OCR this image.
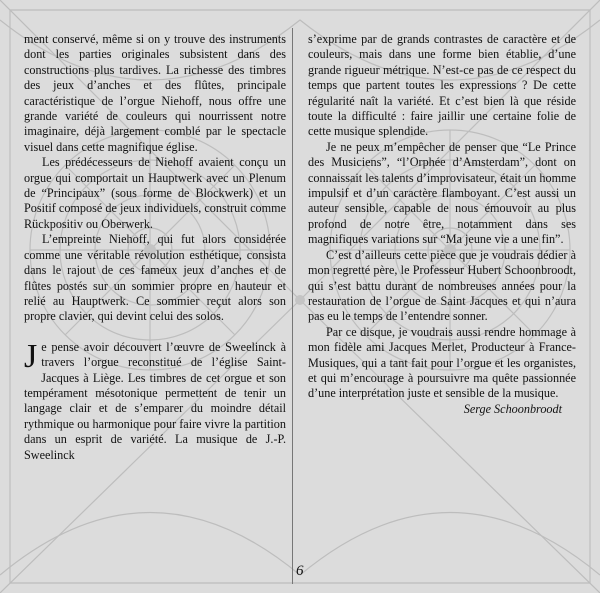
ment conservé, même si on y trouve des instruments dont les parties originales subsistent dans des constructions plus tardives. La richesse des timbres des jeux d’anches et des flûtes, principale caractéristique de l’orgue Niehoff, nous offre une grande variété de couleurs qui nourrissent notre imaginaire, déjà largement comblé par le spectacle visuel dans cette magnifique église.

Les prédécesseurs de Niehoff avaient conçu un orgue qui comportait un Hauptwerk avec un Plenum de “Principaux” (sous forme de Blockwerk) et un Positif composé de jeux individuels, construit comme Rückpositiv ou Oberwerk.

L’empreinte Niehoff, qui fut alors considérée comme une véritable révolution esthétique, consista dans le rajout de ces fameux jeux d’anches et de flûtes postés sur un sommier propre en hauteur et relié au Hauptwerk. Ce sommier reçut alors son propre clavier, qui devint celui des solos.

Je pense avoir découvert l’œuvre de Sweelinck à travers l’orgue reconstitué de l’église Saint-Jacques à Liège. Les timbres de cet orgue et son tempérament mésotonique permettent de tenir un langage clair et de s’emparer du moindre détail rythmique ou harmonique pour faire vivre la partition dans un esprit de variété. La musique de J.-P. Sweelinck

s’exprime par de grands contrastes de caractère et de couleurs, mais dans une forme bien établie, d’une grande rigueur métrique. N’est-ce pas de ce respect du temps que partent toutes les expressions ? De cette régularité naît la variété. Et c’est bien là que réside toute la difficulté : faire jaillir une certaine folie de cette musique splendide.

Je ne peux m’empêcher de penser que “Le Prince des Musiciens”, “l’Orphée d’Amsterdam”, dont on connaissait les talents d’improvisateur, était un homme impulsif et d’un caractère flamboyant. C’est aussi un auteur sensible, capable de nous émouvoir au plus profond de notre être, notamment dans ses magnifiques variations sur “Ma jeune vie a une fin”.

C’est d’ailleurs cette pièce que je voudrais dédier à mon regretté père, le Professeur Hubert Schoonbroodt, qui s’est battu durant de nombreuses années pour la restauration de l’orgue de Saint Jacques et qui n’aura pas eu le temps de l’entendre sonner.

Par ce disque, je voudrais aussi rendre hommage à mon fidèle ami Jacques Merlet, Producteur à France-Musiques, qui a tant fait pour l’orgue et les organistes, et qui m’encourage à poursuivre ma quête passionnée d’une interprétation juste et sensible de la musique.

Serge Schoonbroodt

6
